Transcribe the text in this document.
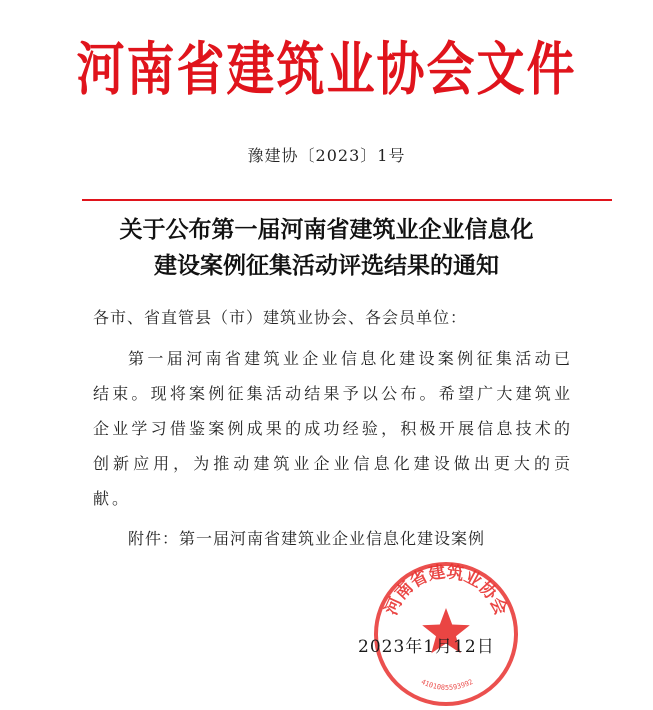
河南省建筑业协会文件
豫建协〔2023〕1号
关于公布第一届河南省建筑业企业信息化
建设案例征集活动评选结果的通知
各市、省直管县（市）建筑业协会、各会员单位：
第一届河南省建筑业企业信息化建设案例征集活动已结束。现将案例征集活动结果予以公布。希望广大建筑业企业学习借鉴案例成果的成功经验，积极开展信息技术的创新应用，为推动建筑业企业信息化建设做出更大的贡献。
附件：第一届河南省建筑业企业信息化建设案例
河南省建筑业协会
4101085593992
2023年1月12日
